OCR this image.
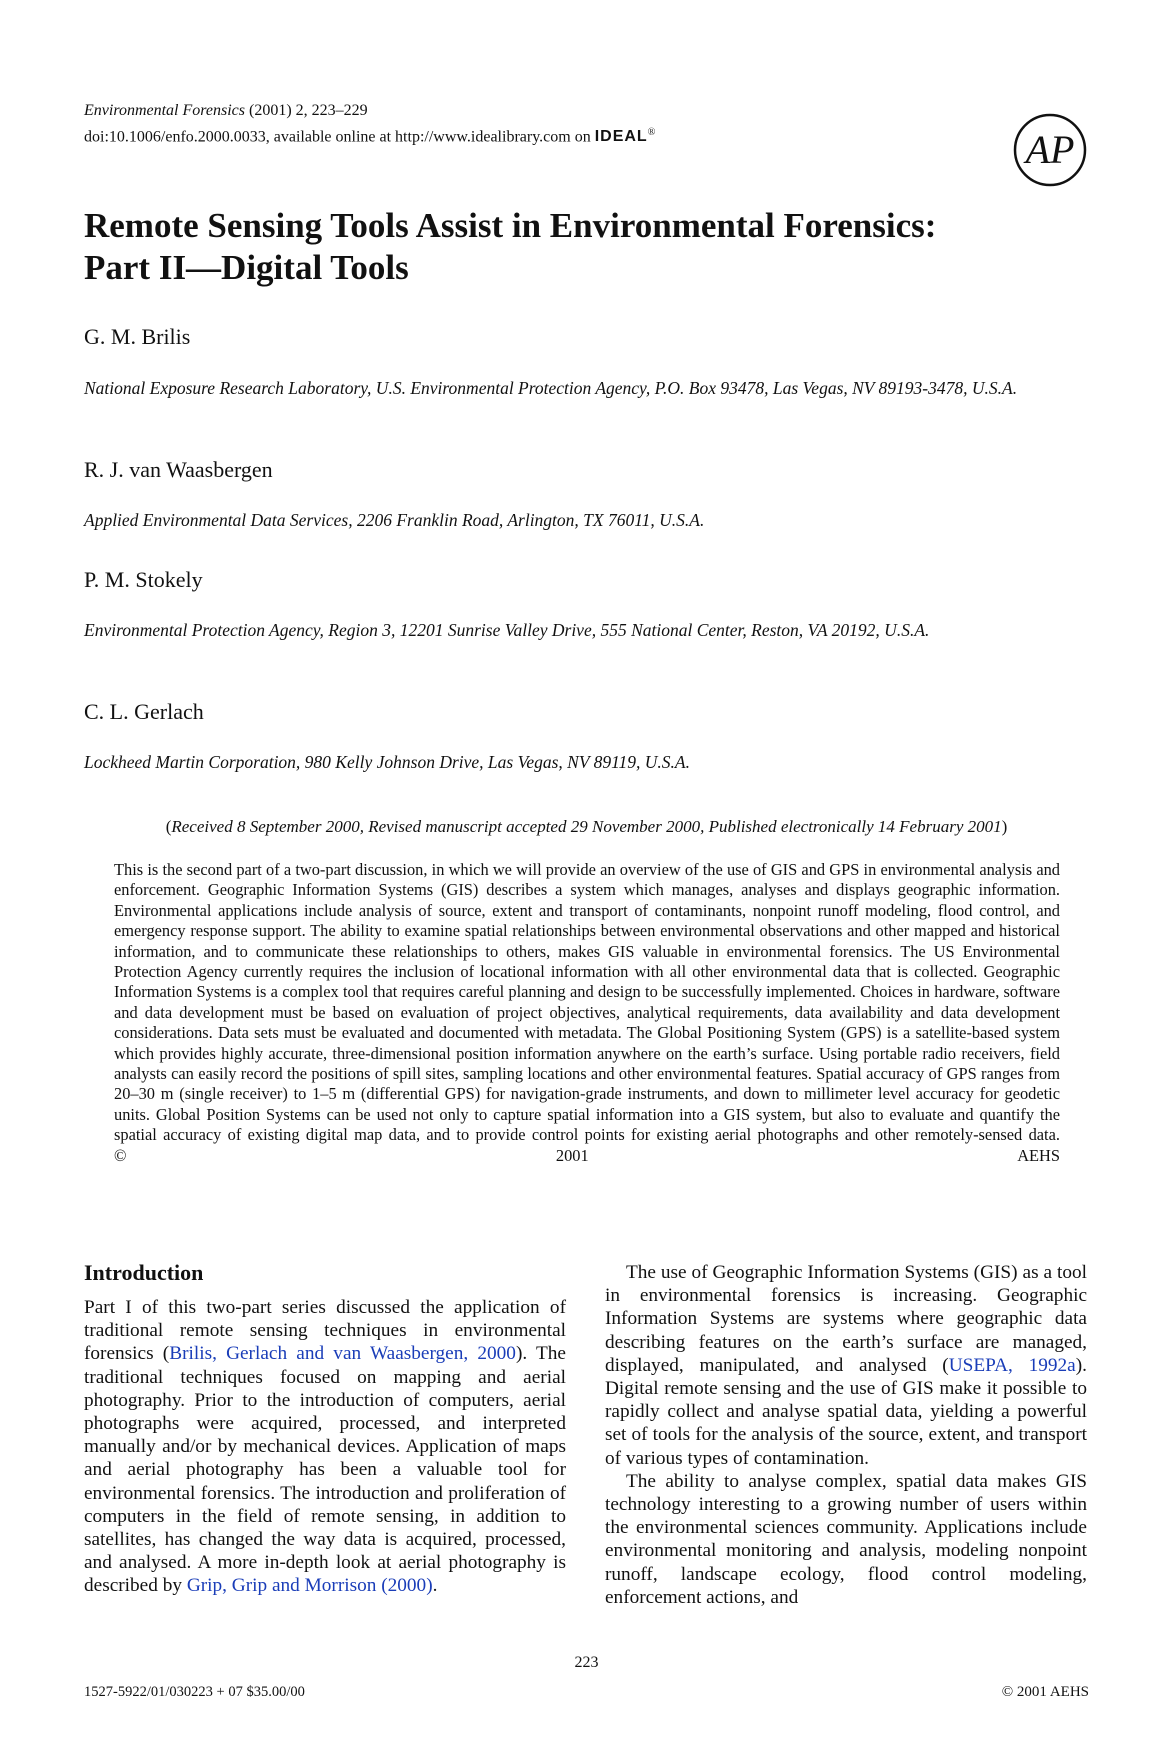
Environmental Forensics (2001) 2, 223–229
doi:10.1006/enfo.2000.0033, available online at http://www.idealibrary.com on IDEAL®	AP
Remote Sensing Tools Assist in Environmental Forensics:
Part II—Digital Tools
G. M. Brilis
National Exposure Research Laboratory, U.S. Environmental Protection Agency, P.O. Box 93478, Las Vegas, NV 89193-3478, U.S.A.
R. J. van Waasbergen
Applied Environmental Data Services, 2206 Franklin Road, Arlington, TX 76011, U.S.A.
P. M. Stokely
Environmental Protection Agency, Region 3, 12201 Sunrise Valley Drive, 555 National Center, Reston, VA 20192, U.S.A.
C. L. Gerlach
Lockheed Martin Corporation, 980 Kelly Johnson Drive, Las Vegas, NV 89119, U.S.A.
(Received 8 September 2000, Revised manuscript accepted 29 November 2000, Published electronically 14 February 2001)
This is the second part of a two-part discussion, in which we will provide an overview of the use of GIS and GPS in environmental analysis and enforcement. Geographic Information Systems (GIS) describes a system which manages, analyses and displays geographic information. Environmental applications include analysis of source, extent and transport of contaminants, nonpoint runoff modeling, flood control, and emergency response support. The ability to examine spatial relationships between environmental observations and other mapped and historical information, and to communicate these relationships to others, makes GIS valuable in environmental forensics. The US Environmental Protection Agency currently requires the inclusion of locational information with all other environmental data that is collected. Geographic Information Systems is a complex tool that requires careful planning and design to be successfully implemented. Choices in hardware, software and data development must be based on evaluation of project objectives, analytical requirements, data availability and data development considerations. Data sets must be evaluated and documented with metadata. The Global Positioning System (GPS) is a satellite-based system which provides highly accurate, three-dimensional position information anywhere on the earth’s surface. Using portable radio receivers, field analysts can easily record the positions of spill sites, sampling locations and other environmental features. Spatial accuracy of GPS ranges from 20–30 m (single receiver) to 1–5 m (differential GPS) for navigation-grade instruments, and down to millimeter level accuracy for geodetic units. Global Position Systems can be used not only to capture spatial information into a GIS system, but also to evaluate and quantify the spatial accuracy of existing digital map data, and to provide control points for existing aerial photographs and other remotely-sensed data. © 2001 AEHS
Introduction

Part I of this two-part series discussed the application of traditional remote sensing techniques in environmental forensics (Brilis, Gerlach and van Waasbergen, 2000). The traditional techniques focused on mapping and aerial photography. Prior to the introduction of computers, aerial photographs were acquired, processed, and interpreted manually and/or by mechanical devices. Application of maps and aerial photography has been a valuable tool for environmental forensics. The introduction and proliferation of computers in the field of remote sensing, in addition to satellites, has changed the way data is acquired, processed, and analysed. A more in-depth look at aerial photography is described by Grip, Grip and Morrison (2000).

The use of Geographic Information Systems (GIS) as a tool in environmental forensics is increasing. Geographic Information Systems are systems where geographic data describing features on the earth’s surface are managed, displayed, manipulated, and analysed (USEPA, 1992a). Digital remote sensing and the use of GIS make it possible to rapidly collect and analyse spatial data, yielding a powerful set of tools for the analysis of the source, extent, and transport of various types of contamination.

The ability to analyse complex, spatial data makes GIS technology interesting to a growing number of users within the environmental sciences community. Applications include environmental monitoring and analysis, modeling nonpoint runoff, landscape ecology, flood control modeling, enforcement actions, and

223
1527-5922/01/030223 + 07 $35.00/00	© 2001 AEHS
